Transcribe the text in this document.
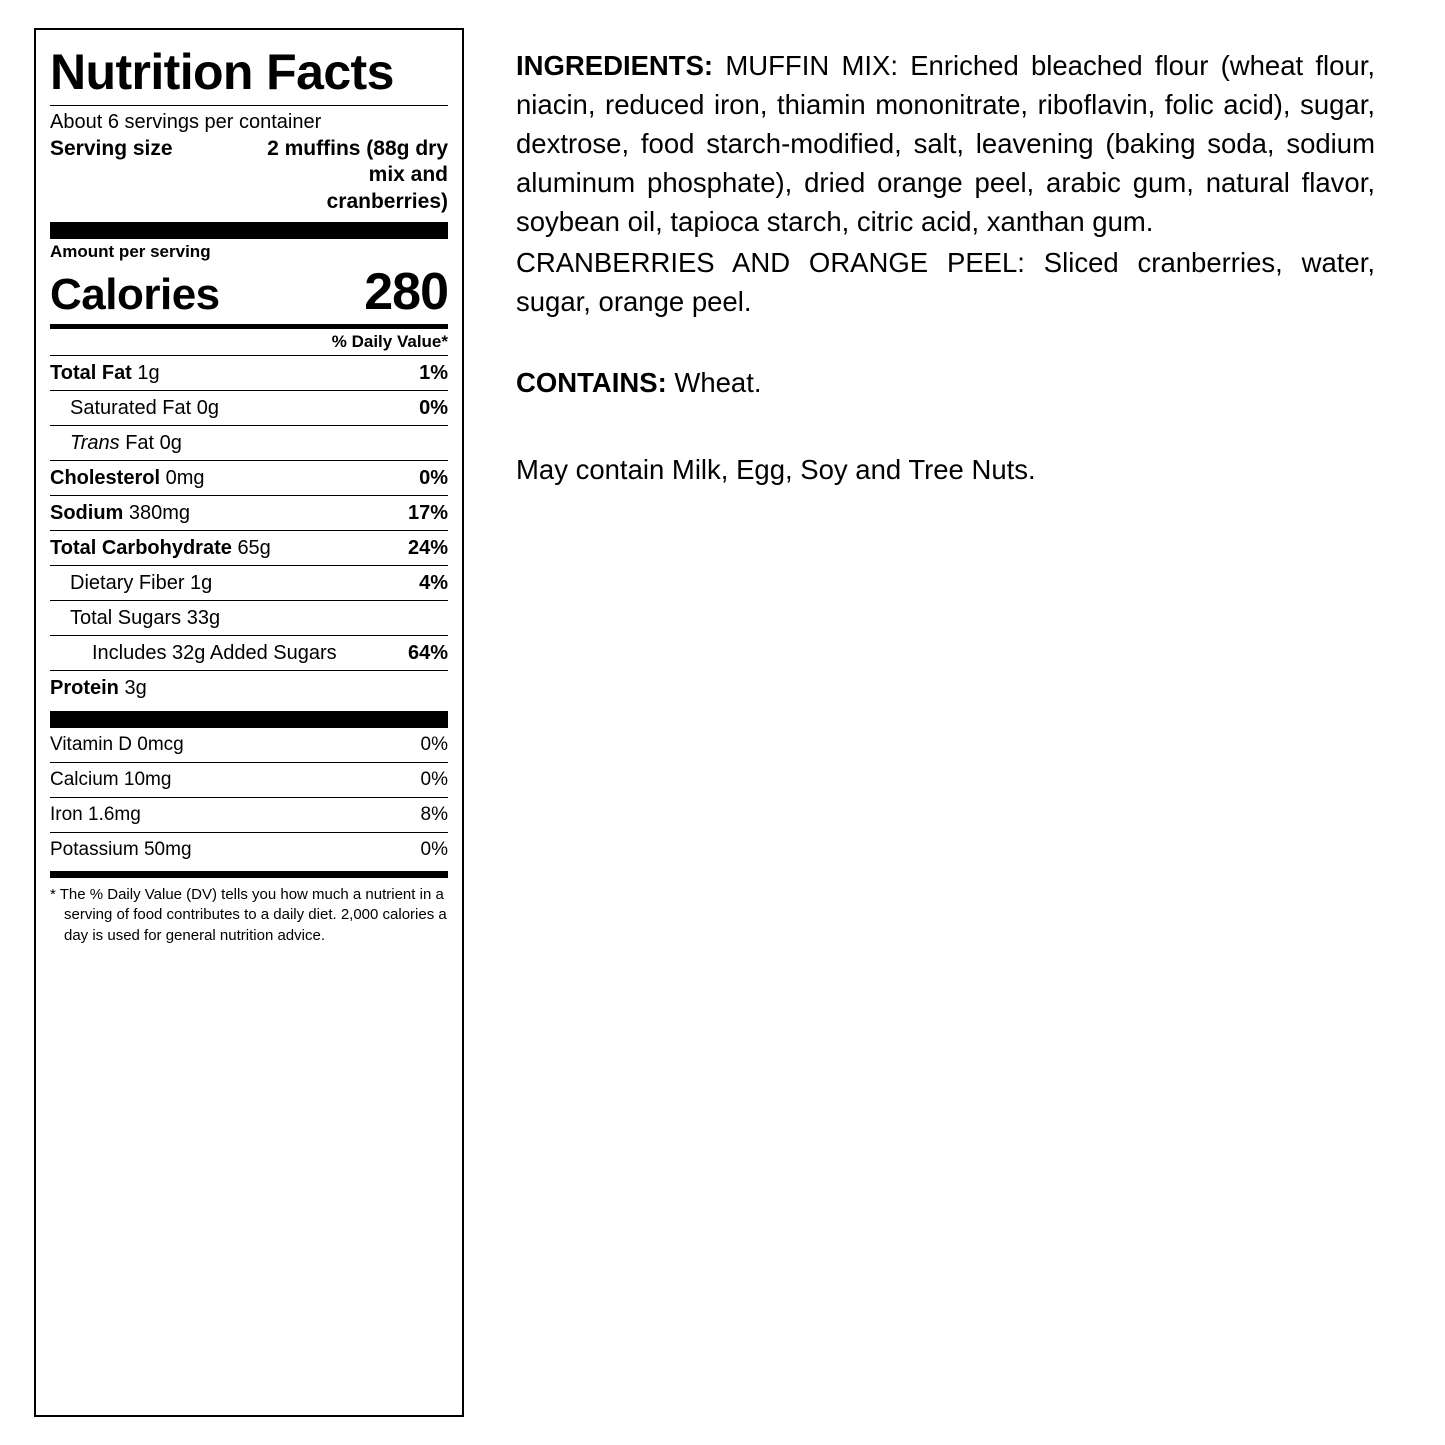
Nutrition Facts
About 6 servings per container
Serving size	2 muffins (88g dry
mix and
cranberries)
Amount per serving
Calories	280
% Daily Value*
Total Fat 1g	1%
Saturated Fat 0g	0%
Trans Fat 0g
Cholesterol 0mg	0%
Sodium 380mg	17%
Total Carbohydrate 65g	24%
Dietary Fiber 1g	4%
Total Sugars 33g
Includes 32g Added Sugars	64%
Protein 3g
Vitamin D 0mcg	0%
Calcium 10mg	0%
Iron 1.6mg	8%
Potassium 50mg	0%
* The % Daily Value (DV) tells you how much a nutrient in a serving of food contributes to a daily diet. 2,000 calories a day is used for general nutrition advice.

INGREDIENTS: MUFFIN MIX: Enriched bleached flour (wheat flour, niacin, reduced iron, thiamin mononitrate, riboflavin, folic acid), sugar, dextrose, food starch-modified, salt, leavening (baking soda, sodium aluminum phosphate), dried orange peel, arabic gum, natural flavor, soybean oil, tapioca starch, citric acid, xanthan gum.

CRANBERRIES AND ORANGE PEEL: Sliced cranberries, water, sugar, orange peel.

CONTAINS: Wheat.

May contain Milk, Egg, Soy and Tree Nuts.
